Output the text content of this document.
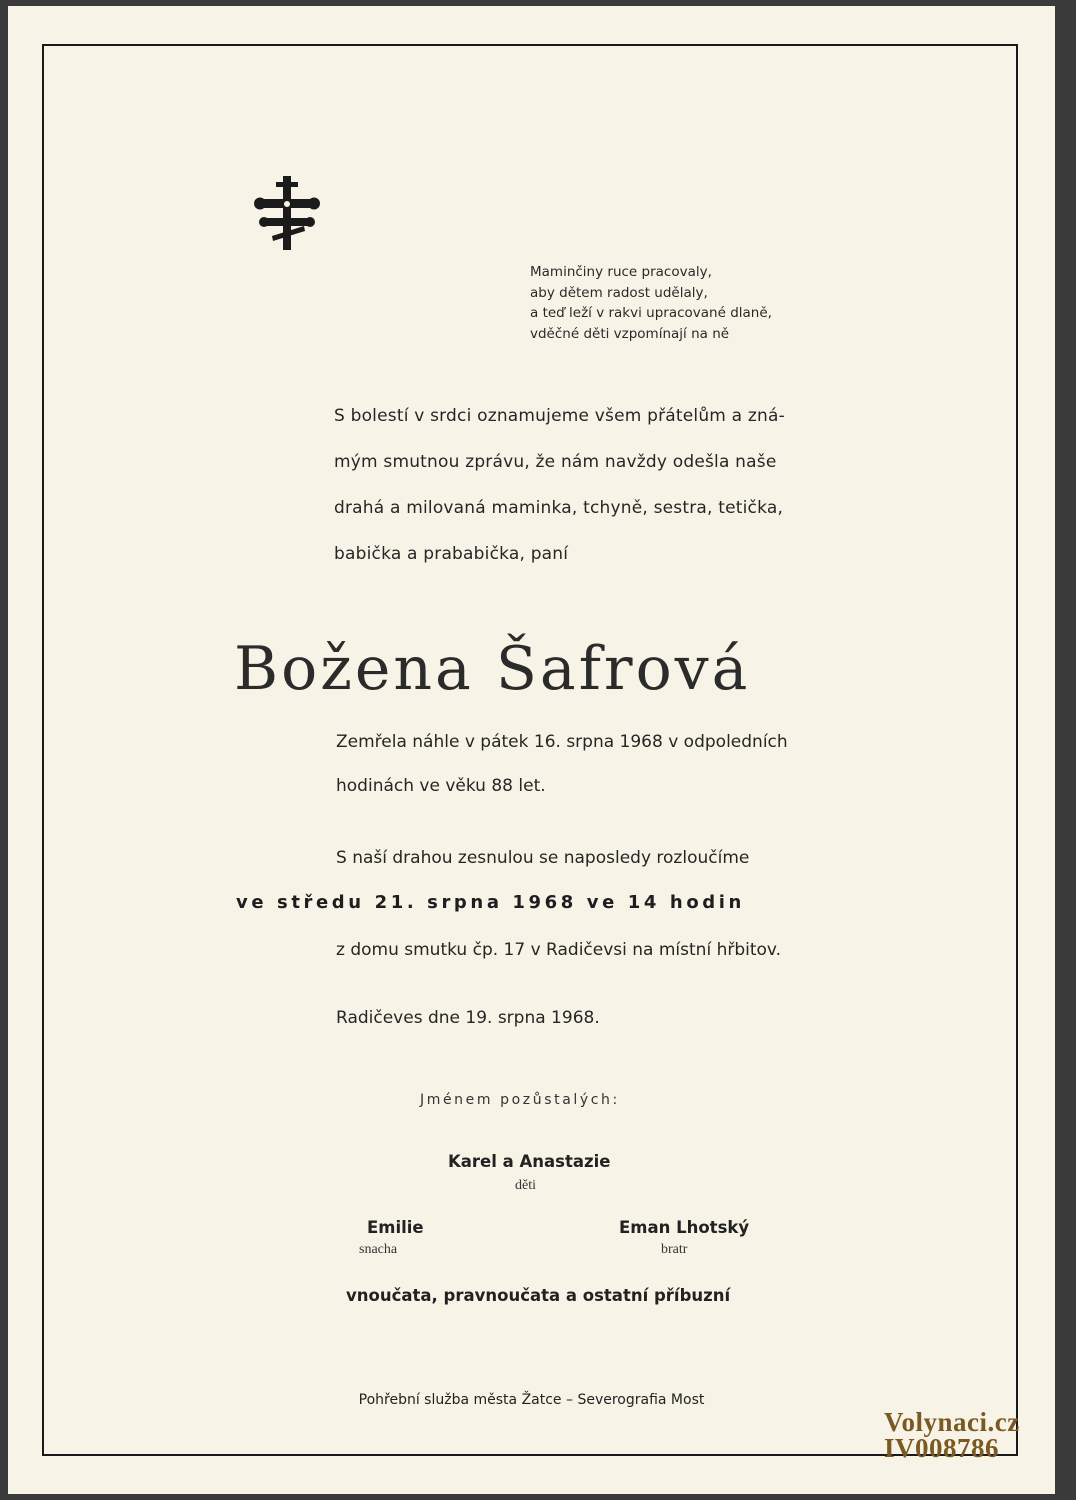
Maminčiny ruce pracovaly,
aby dětem radost udělaly,
a teď leží v rakvi upracované dlaně,
vděčné děti vzpomínají na ně
S bolestí v srdci oznamujeme všem přátelům a zná-
mým smutnou zprávu, že nám navždy odešla naše
drahá a milovaná maminka, tchyně, sestra, tetička,
babička a prababička, paní
Božena Šafrová
Zemřela náhle v pátek 16. srpna 1968 v odpoledních
hodinách ve věku 88 let.
S naší drahou zesnulou se naposledy rozloučíme
ve středu 21. srpna 1968 ve 14 hodin
z domu smutku čp. 17 v Radičevsi na místní hřbitov.
Radičeves dne 19. srpna 1968.
Jménem pozůstalých:
Karel a Anastazie
děti
Emilie
snacha
Eman Lhotský
bratr
vnoučata, pravnoučata a ostatní příbuzní
Pohřební služba města Žatce – Severografia Most
Volynaci.cz
IV008786
